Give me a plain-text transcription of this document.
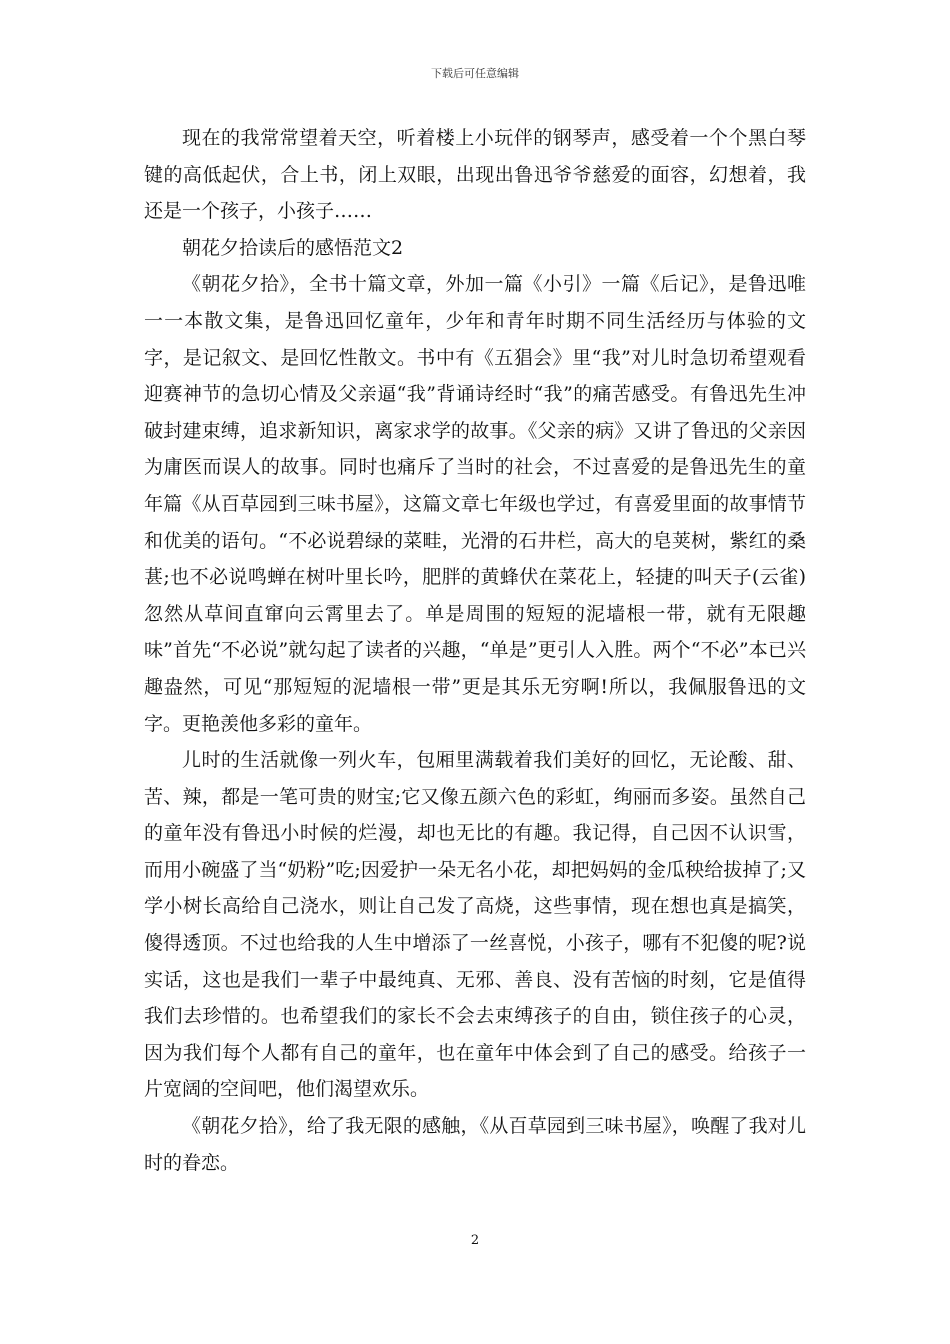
下载后可任意编辑

现在的我常常望着天空，听着楼上小玩伴的钢琴声，感受着一个个黑白琴键的高低起伏，合上书，闭上双眼，出现出鲁迅爷爷慈爱的面容，幻想着，我还是一个孩子，小孩子……

朝花夕拾读后的感悟范文2

《朝花夕拾》，全书十篇文章，外加一篇《小引》一篇《后记》，是鲁迅唯一一本散文集，是鲁迅回忆童年，少年和青年时期不同生活经历与体验的文字，是记叙文、是回忆性散文。书中有《五猖会》里“我”对儿时急切希望观看迎赛神节的急切心情及父亲逼“我”背诵诗经时“我”的痛苦感受。有鲁迅先生冲破封建束缚，追求新知识，离家求学的故事。《父亲的病》又讲了鲁迅的父亲因为庸医而误人的故事。同时也痛斥了当时的社会，不过喜爱的是鲁迅先生的童年篇《从百草园到三味书屋》，这篇文章七年级也学过，有喜爱里面的故事情节和优美的语句。“不必说碧绿的菜畦，光滑的石井栏，高大的皂荚树，紫红的桑葚;也不必说鸣蝉在树叶里长吟，肥胖的黄蜂伏在菜花上，轻捷的叫天子(云雀)忽然从草间直窜向云霄里去了。单是周围的短短的泥墙根一带，就有无限趣味”首先“不必说”就勾起了读者的兴趣，“单是”更引人入胜。两个“不必”本已兴趣盎然，可见“那短短的泥墙根一带”更是其乐无穷啊!所以，我佩服鲁迅的文字。更艳羡他多彩的童年。

儿时的生活就像一列火车，包厢里满载着我们美好的回忆，无论酸、甜、苦、辣，都是一笔可贵的财宝;它又像五颜六色的彩虹，绚丽而多姿。虽然自己的童年没有鲁迅小时候的烂漫，却也无比的有趣。我记得，自己因不认识雪，而用小碗盛了当“奶粉”吃;因爱护一朵无名小花，却把妈妈的金瓜秧给拔掉了;又学小树长高给自己浇水，则让自己发了高烧，这些事情，现在想也真是搞笑，傻得透顶。不过也给我的人生中增添了一丝喜悦，小孩子，哪有不犯傻的呢?说实话，这也是我们一辈子中最纯真、无邪、善良、没有苦恼的时刻，它是值得我们去珍惜的。也希望我们的家长不会去束缚孩子的自由，锁住孩子的心灵，因为我们每个人都有自己的童年，也在童年中体会到了自己的感受。给孩子一片宽阔的空间吧，他们渴望欢乐。

《朝花夕拾》，给了我无限的感触，《从百草园到三味书屋》，唤醒了我对儿时的眷恋。

2
